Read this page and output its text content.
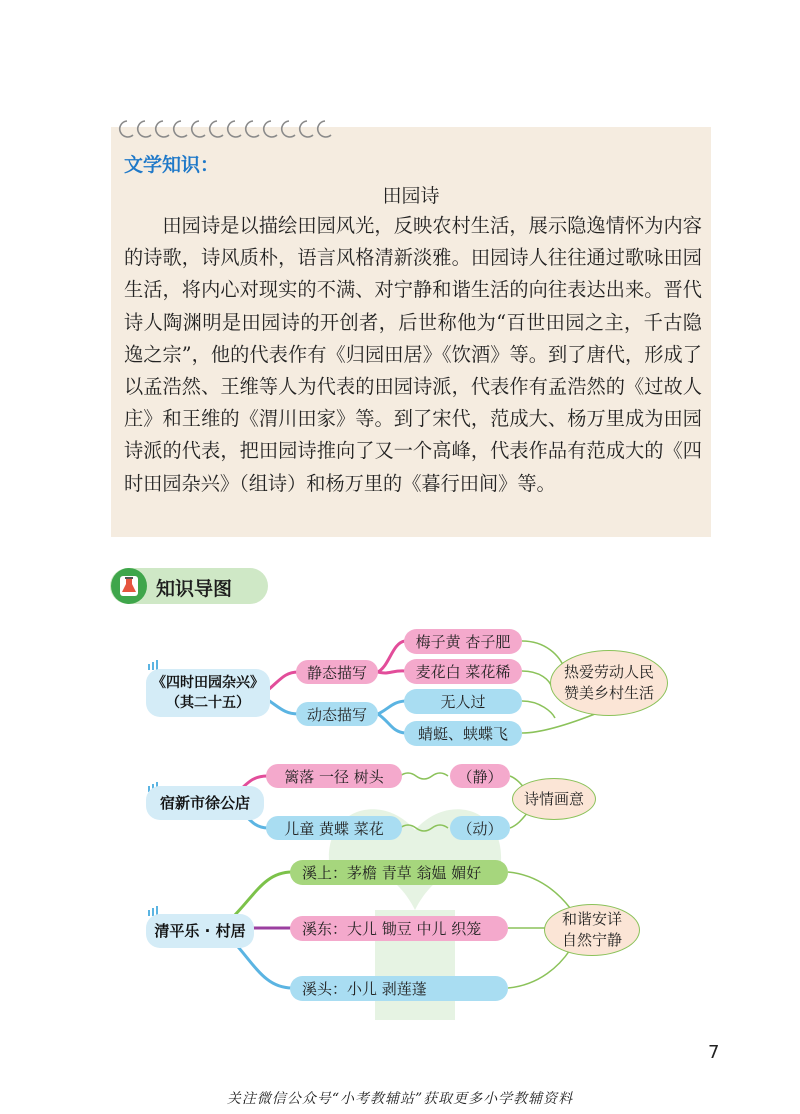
文学知识：
田园诗

田园诗是以描绘田园风光，反映农村生活，展示隐逸情怀为内容的诗歌，诗风质朴，语言风格清新淡雅。田园诗人往往通过歌咏田园生活，将内心对现实的不满、对宁静和谐生活的向往表达出来。晋代诗人陶渊明是田园诗的开创者，后世称他为“百世田园之主，千古隐逸之宗”，他的代表作有《归园田居》《饮酒》等。到了唐代，形成了以孟浩然、王维等人为代表的田园诗派，代表作有孟浩然的《过故人庄》和王维的《渭川田家》等。到了宋代，范成大、杨万里成为田园诗派的代表，把田园诗推向了又一个高峰，代表作品有范成大的《四时田园杂兴》（组诗）和杨万里的《暮行田间》等。

知识导图
《四时田园杂兴》
（其二十五）
静态描写
动态描写
梅子黄 杏子肥
麦花白 菜花稀
无人过
蜻蜓、蛱蝶飞
热爱劳动人民
赞美乡村生活
宿新市徐公店
篱落 一径 树头	（静）
儿童 黄蝶 菜花	（动）
诗情画意
清平乐 · 村居
溪上：茅檐 青草 翁媪 媚好
溪东：大儿 锄豆 中儿 织笼
溪头：小儿 剥莲蓬
和谐安详
自然宁静
7
关注微信公众号“小考教辅站”获取更多小学教辅资料
